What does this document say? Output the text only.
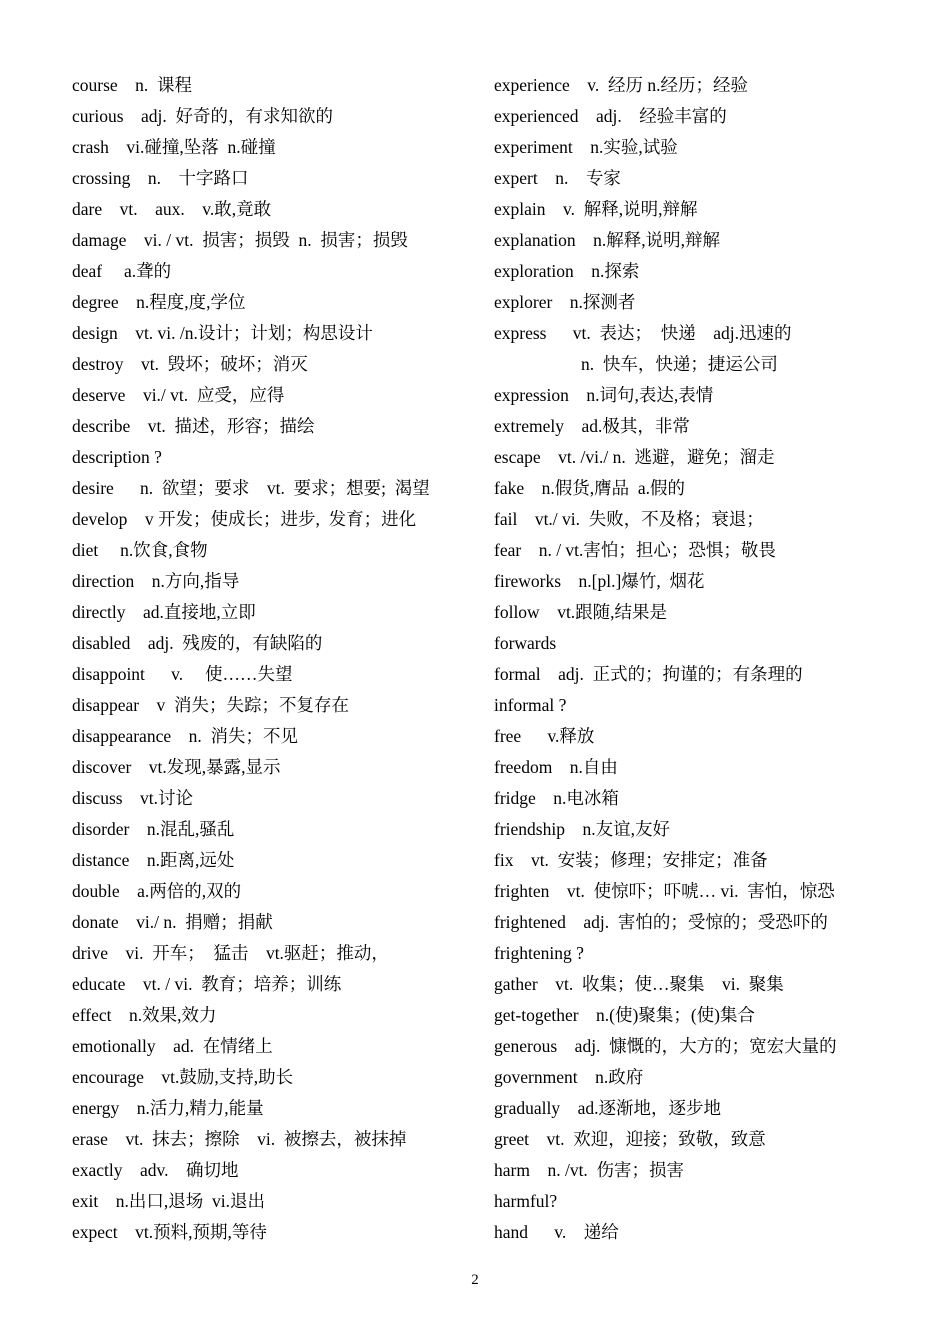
course    n.  课程
curious    adj.  好奇的，有求知欲的
crash    vi.碰撞,坠落  n.碰撞
crossing    n.    十字路口
dare    vt.    aux.    v.敢,竟敢
damage    vi. / vt.  损害；损毁  n.  损害；损毁
deaf     a.聋的
degree    n.程度,度,学位
design    vt. vi. /n.设计；计划；构思设计
destroy    vt.  毁坏；破坏；消灭
deserve    vi./ vt.  应受，应得
describe    vt.  描述，形容；描绘
description ?
desire      n.  欲望；要求    vt.  要求；想要;  渴望
develop    v 开发；使成长；进步,  发育；进化
diet     n.饮食,食物
direction    n.方向,指导
directly    ad.直接地,立即
disabled    adj.  残废的，有缺陷的
disappoint      v.     使……失望
disappear    v  消失；失踪；不复存在
disappearance    n.  消失；不见
discover    vt.发现,暴露,显示
discuss    vt.讨论
disorder    n.混乱,骚乱
distance    n.距离,远处
double    a.两倍的,双的
donate    vi./ n.  捐赠；捐献
drive    vi.  开车；  猛击    vt.驱赶；推动，
educate    vt. / vi.  教育；培养；训练
effect    n.效果,效力
emotionally    ad.  在情绪上
encourage    vt.鼓励,支持,助长
energy    n.活力,精力,能量
erase    vt.  抹去；擦除    vi.  被擦去，被抹掉
exactly    adv.    确切地
exit    n.出口,退场  vi.退出
expect    vt.预料,预期,等待
experience    v.  经历 n.经历；经验
experienced    adj.    经验丰富的
experiment    n.实验,试验
expert    n.    专家
explain    v.  解释,说明,辩解
explanation    n.解释,说明,辩解
exploration    n.探索
explorer    n.探测者
express      vt.  表达；  快递    adj.迅速的
n.  快车，快递；捷运公司
expression    n.词句,表达,表情
extremely    ad.极其，非常
escape    vt. /vi./ n.  逃避，避免；溜走
fake    n.假货,膺品  a.假的
fail    vt./ vi.  失败，不及格；衰退；
fear    n. / vt.害怕；担心；恐惧；敬畏
fireworks    n.[pl.]爆竹,  烟花
follow    vt.跟随,结果是
forwards
formal    adj.  正式的；拘谨的；有条理的
informal ?
free      v.释放
freedom    n.自由
fridge    n.电冰箱
friendship    n.友谊,友好
fix    vt.  安装；修理；安排定；准备
frighten    vt.  使惊吓；吓唬… vi.  害怕，惊恐
frightened    adj.  害怕的；受惊的；受恐吓的
frightening ?
gather    vt.  收集；使…聚集    vi.  聚集
get-together    n.(使)聚集；(使)集合
generous    adj.  慷慨的，大方的；宽宏大量的
government    n.政府
gradually    ad.逐渐地，逐步地
greet    vt.  欢迎，迎接；致敬，致意
harm    n. /vt.  伤害；损害
harmful?
hand      v.    递给
2
